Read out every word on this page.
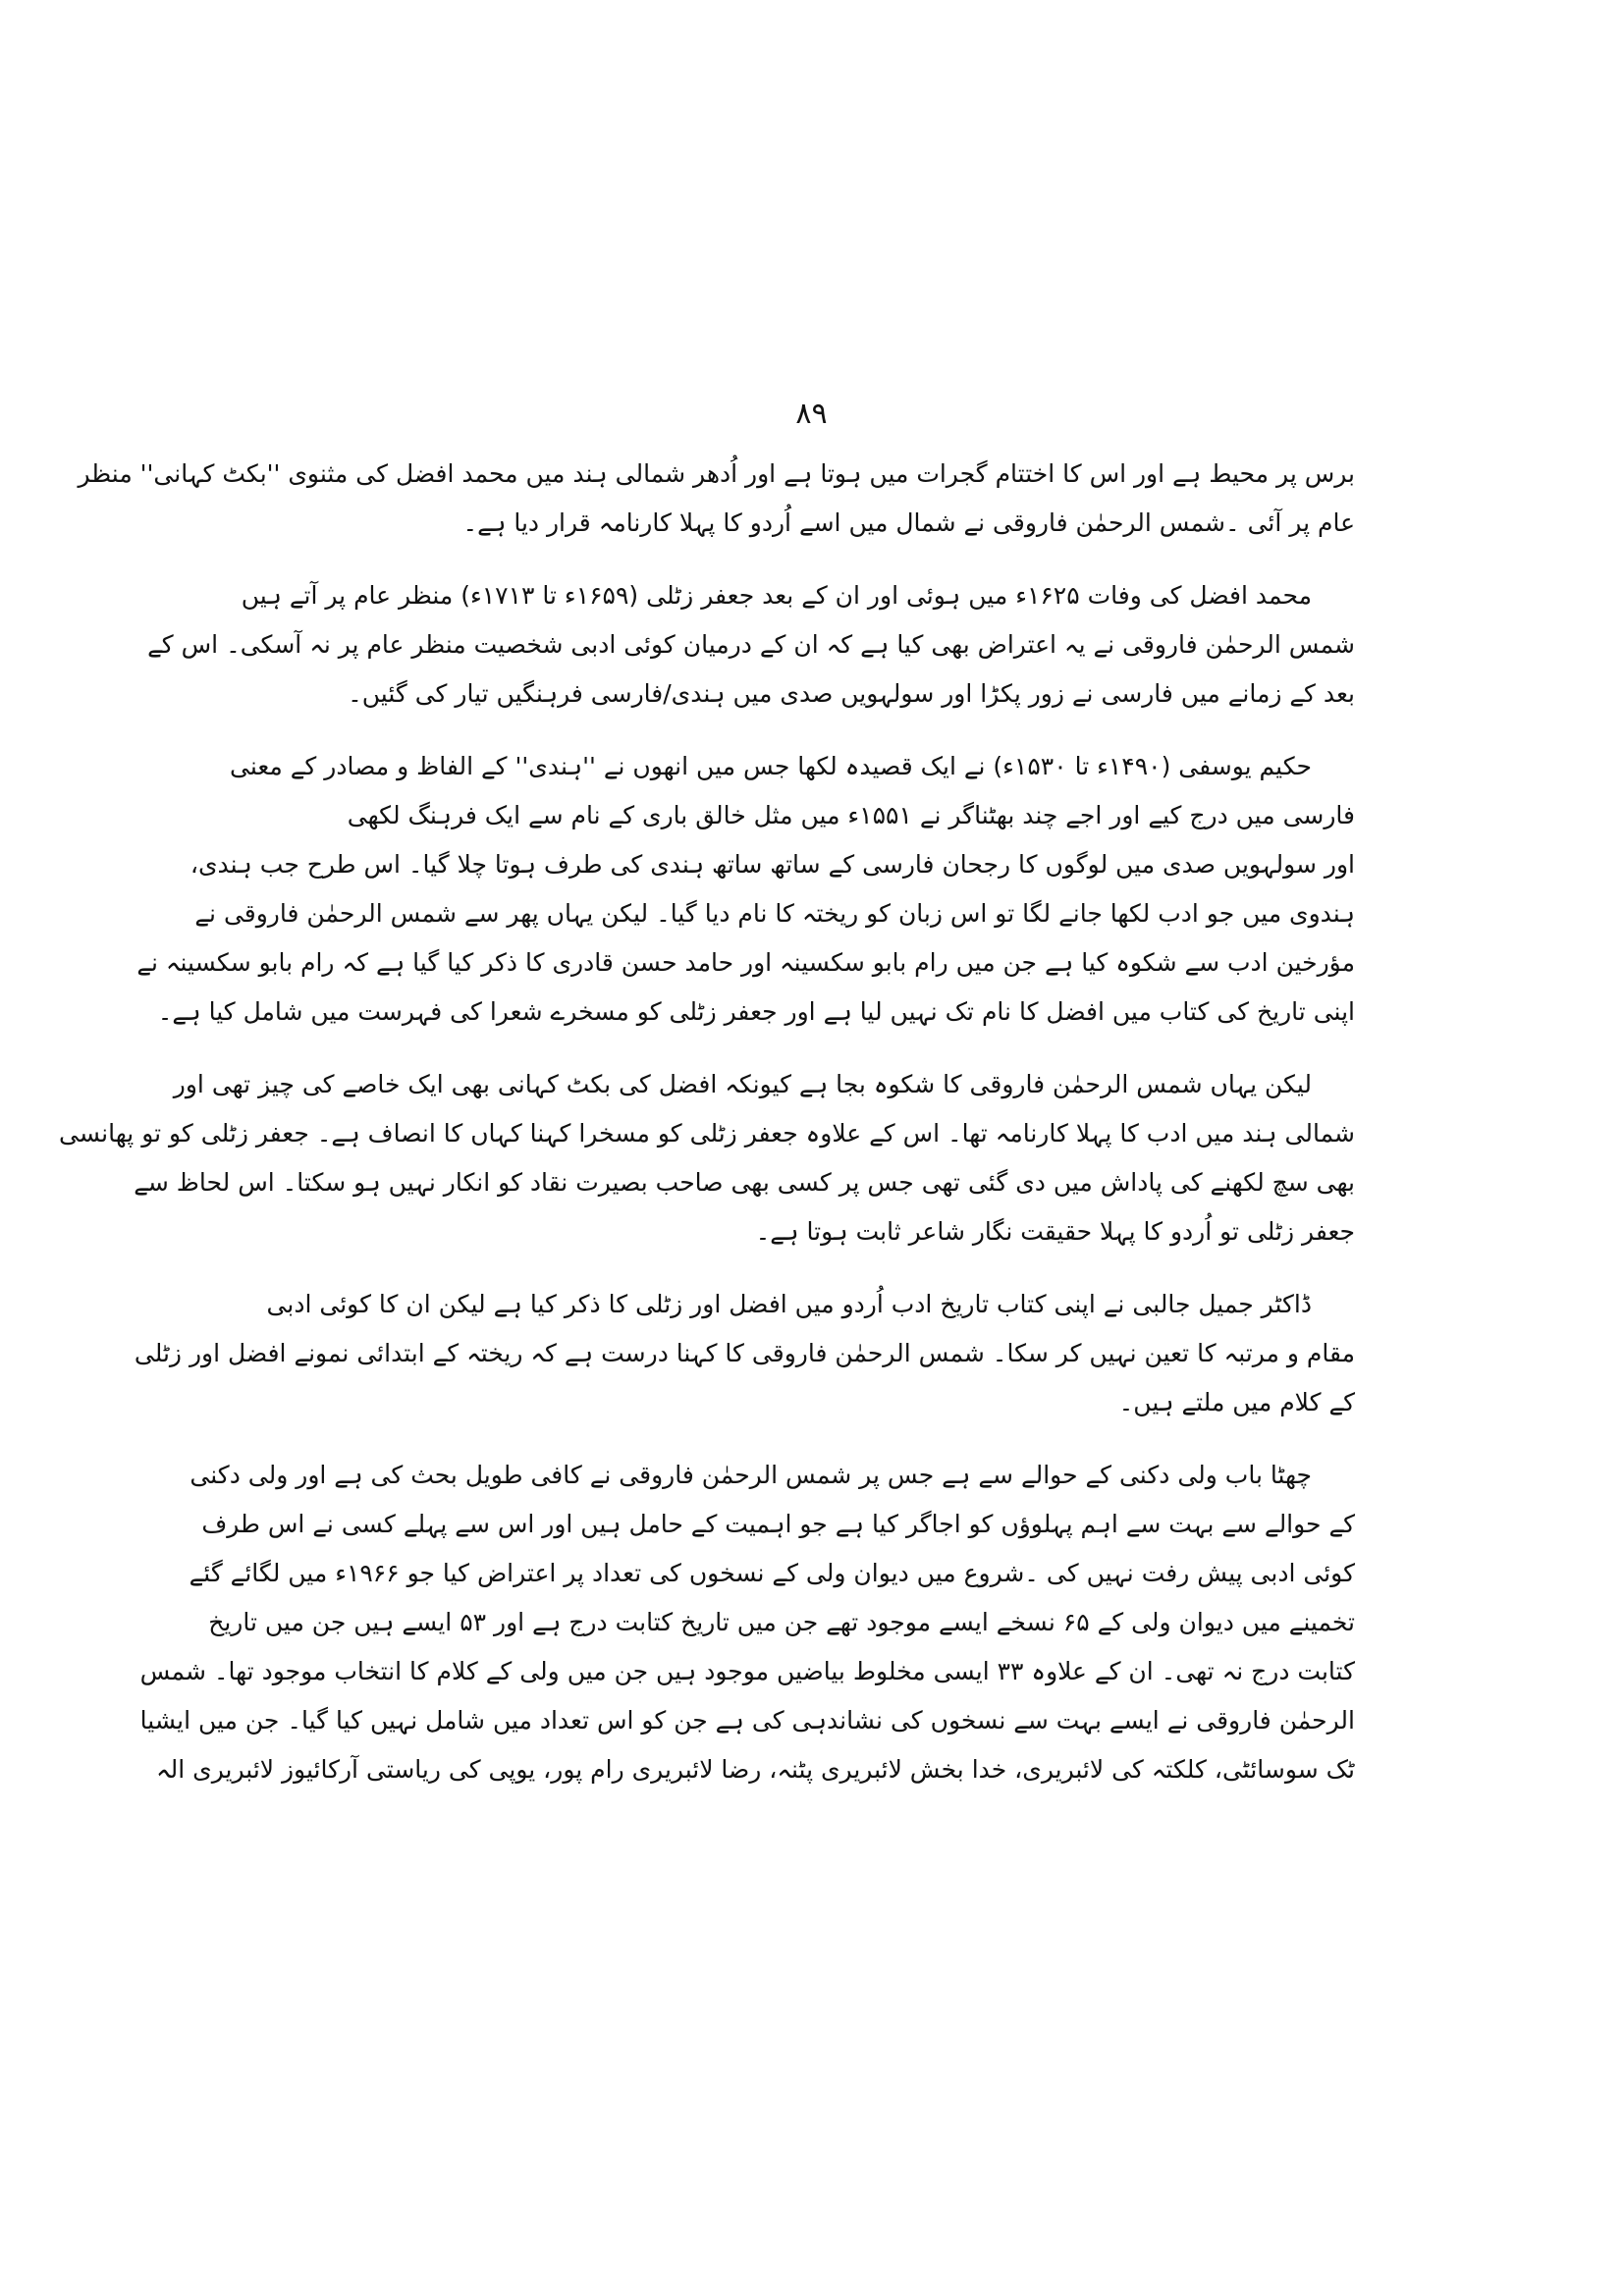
۸۹

برس پر محیط ہے اور اس کا اختتام گجرات میں ہوتا ہے اور اُدھر شمالی ہند میں محمد افضل کی مثنوی ''بکٹ کہانی'' منظر
عام پر آئی ۔شمس الرحمٰن فاروقی نے شمال میں اسے اُردو کا پہلا کارنامہ قرار دیا ہے۔

محمد افضل کی وفات ۱۶۲۵ء میں ہوئی اور ان کے بعد جعفر زٹلی (۱۶۵۹ء تا ۱۷۱۳ء) منظر عام پر آتے ہیں
شمس الرحمٰن فاروقی نے یہ اعتراض بھی کیا ہے کہ ان کے درمیان کوئی ادبی شخصیت منظر عام پر نہ آسکی۔ اس کے
بعد کے زمانے میں فارسی نے زور پکڑا اور سولہویں صدی میں ہندی/فارسی فرہنگیں تیار کی گئیں۔

حکیم یوسفی (۱۴۹۰ء تا ۱۵۳۰ء) نے ایک قصیدہ لکھا جس میں انھوں نے ''ہندی'' کے الفاظ و مصادر کے معنی
فارسی میں درج کیے اور اجے چند بھٹناگر نے ۱۵۵۱ء میں مثل خالق باری کے نام سے ایک فرہنگ لکھی
اور سولہویں صدی میں لوگوں کا رجحان فارسی کے ساتھ ساتھ ہندی کی طرف ہوتا چلا گیا۔ اس طرح جب ہندی،
ہندوی میں جو ادب لکھا جانے لگا تو اس زبان کو ریختہ کا نام دیا گیا۔ لیکن یہاں پھر سے شمس الرحمٰن فاروقی نے
مؤرخین ادب سے شکوہ کیا ہے جن میں رام بابو سکسینہ اور حامد حسن قادری کا ذکر کیا گیا ہے کہ رام بابو سکسینہ نے
اپنی تاریخ کی کتاب میں افضل کا نام تک نہیں لیا ہے اور جعفر زٹلی کو مسخرے شعرا کی فہرست میں شامل کیا ہے۔

لیکن یہاں شمس الرحمٰن فاروقی کا شکوہ بجا ہے کیونکہ افضل کی بکٹ کہانی بھی ایک خاصے کی چیز تھی اور
شمالی ہند میں ادب کا پہلا کارنامہ تھا۔ اس کے علاوہ جعفر زٹلی کو مسخرا کہنا کہاں کا انصاف ہے۔ جعفر زٹلی کو تو پھانسی
بھی سچ لکھنے کی پاداش میں دی گئی تھی جس پر کسی بھی صاحب بصیرت نقاد کو انکار نہیں ہو سکتا۔ اس لحاظ سے
جعفر زٹلی تو اُردو کا پہلا حقیقت نگار شاعر ثابت ہوتا ہے۔

ڈاکٹر جمیل جالبی نے اپنی کتاب تاریخ ادب اُردو میں افضل اور زٹلی کا ذکر کیا ہے لیکن ان کا کوئی ادبی
مقام و مرتبہ کا تعین نہیں کر سکا۔ شمس الرحمٰن فاروقی کا کہنا درست ہے کہ ریختہ کے ابتدائی نمونے افضل اور زٹلی
کے کلام میں ملتے ہیں۔

چھٹا باب ولی دکنی کے حوالے سے ہے جس پر شمس الرحمٰن فاروقی نے کافی طویل بحث کی ہے اور ولی دکنی
کے حوالے سے بہت سے اہم پہلوؤں کو اجاگر کیا ہے جو اہمیت کے حامل ہیں اور اس سے پہلے کسی نے اس طرف
کوئی ادبی پیش رفت نہیں کی ۔شروع میں دیوان ولی کے نسخوں کی تعداد پر اعتراض کیا جو ۱۹۶۶ء میں لگائے گئے
تخمینے میں دیوان ولی کے ۶۵ نسخے ایسے موجود تھے جن میں تاریخ کتابت درج ہے اور ۵۳ ایسے ہیں جن میں تاریخ
کتابت درج نہ تھی۔ ان کے علاوہ ۳۳ ایسی مخلوط بیاضیں موجود ہیں جن میں ولی کے کلام کا انتخاب موجود تھا۔ شمس
الرحمٰن فاروقی نے ایسے بہت سے نسخوں کی نشاندہی کی ہے جن کو اس تعداد میں شامل نہیں کیا گیا۔ جن میں ایشیا
ٹک سوسائٹی، کلکتہ کی لائبریری، خدا بخش لائبریری پٹنہ، رضا لائبریری رام پور، یوپی کی ریاستی آرکائیوز لائبریری الہ
